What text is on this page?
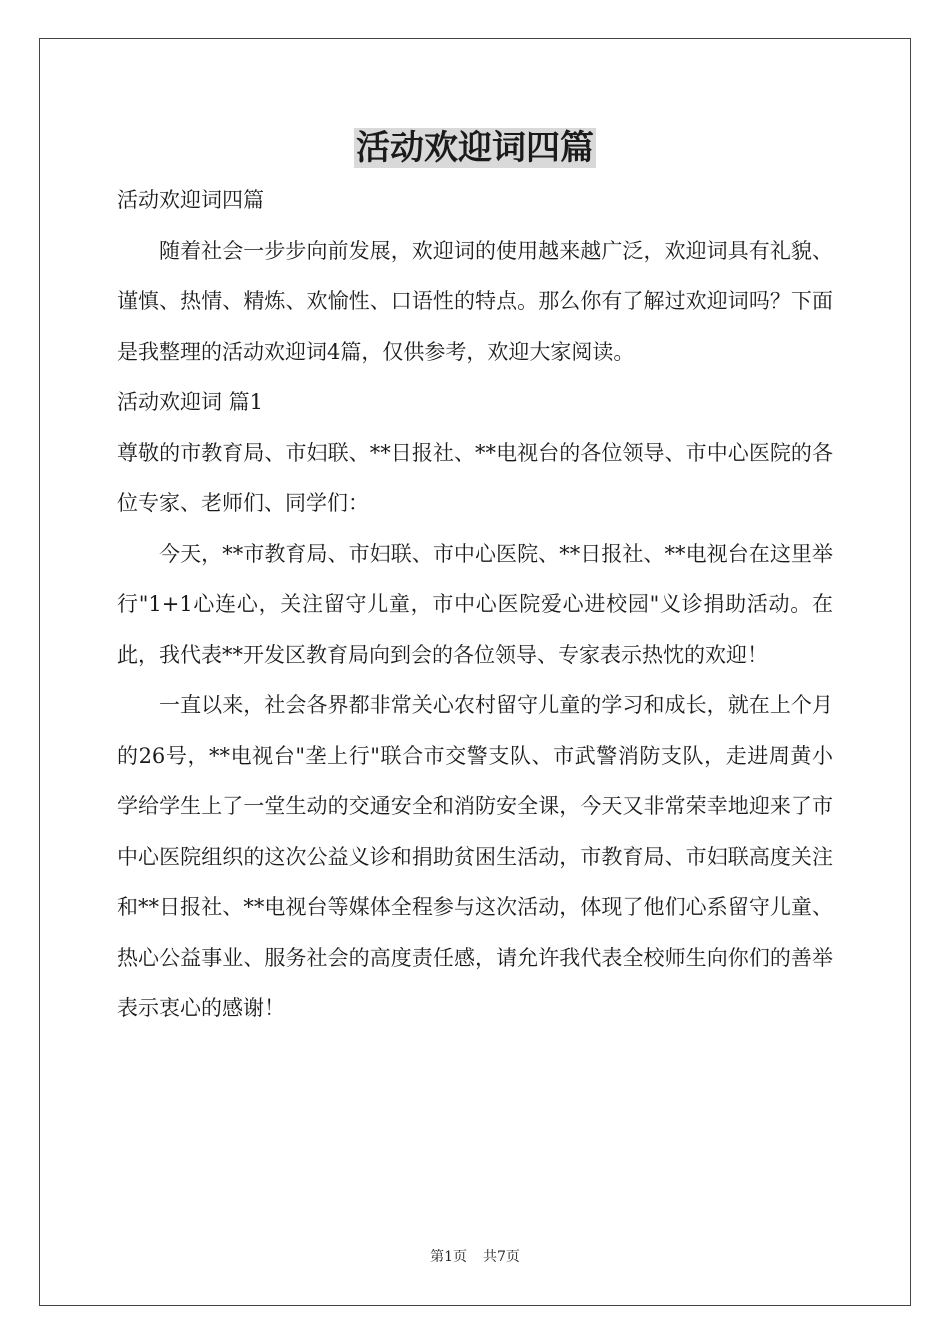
活动欢迎词四篇

活动欢迎词四篇

随着社会一步步向前发展，欢迎词的使用越来越广泛，欢迎词具有礼貌、谨慎、热情、精炼、欢愉性、口语性的特点。那么你有了解过欢迎词吗？下面是我整理的活动欢迎词4篇，仅供参考，欢迎大家阅读。

活动欢迎词 篇1

尊敬的市教育局、市妇联、**日报社、**电视台的各位领导、市中心医院的各位专家、老师们、同学们：

今天，**市教育局、市妇联、市中心医院、**日报社、**电视台在这里举行"1+1心连心，关注留守儿童，市中心医院爱心进校园"义诊捐助活动。在此，我代表**开发区教育局向到会的各位领导、专家表示热忱的欢迎！

一直以来，社会各界都非常关心农村留守儿童的学习和成长，就在上个月的26号，**电视台"垄上行"联合市交警支队、市武警消防支队，走进周黄小学给学生上了一堂生动的交通安全和消防安全课，今天又非常荣幸地迎来了市中心医院组织的这次公益义诊和捐助贫困生活动，市教育局、市妇联高度关注和**日报社、**电视台等媒体全程参与这次活动，体现了他们心系留守儿童、热心公益事业、服务社会的高度责任感，请允许我代表全校师生向你们的善举表示衷心的感谢！

第1页 共7页
